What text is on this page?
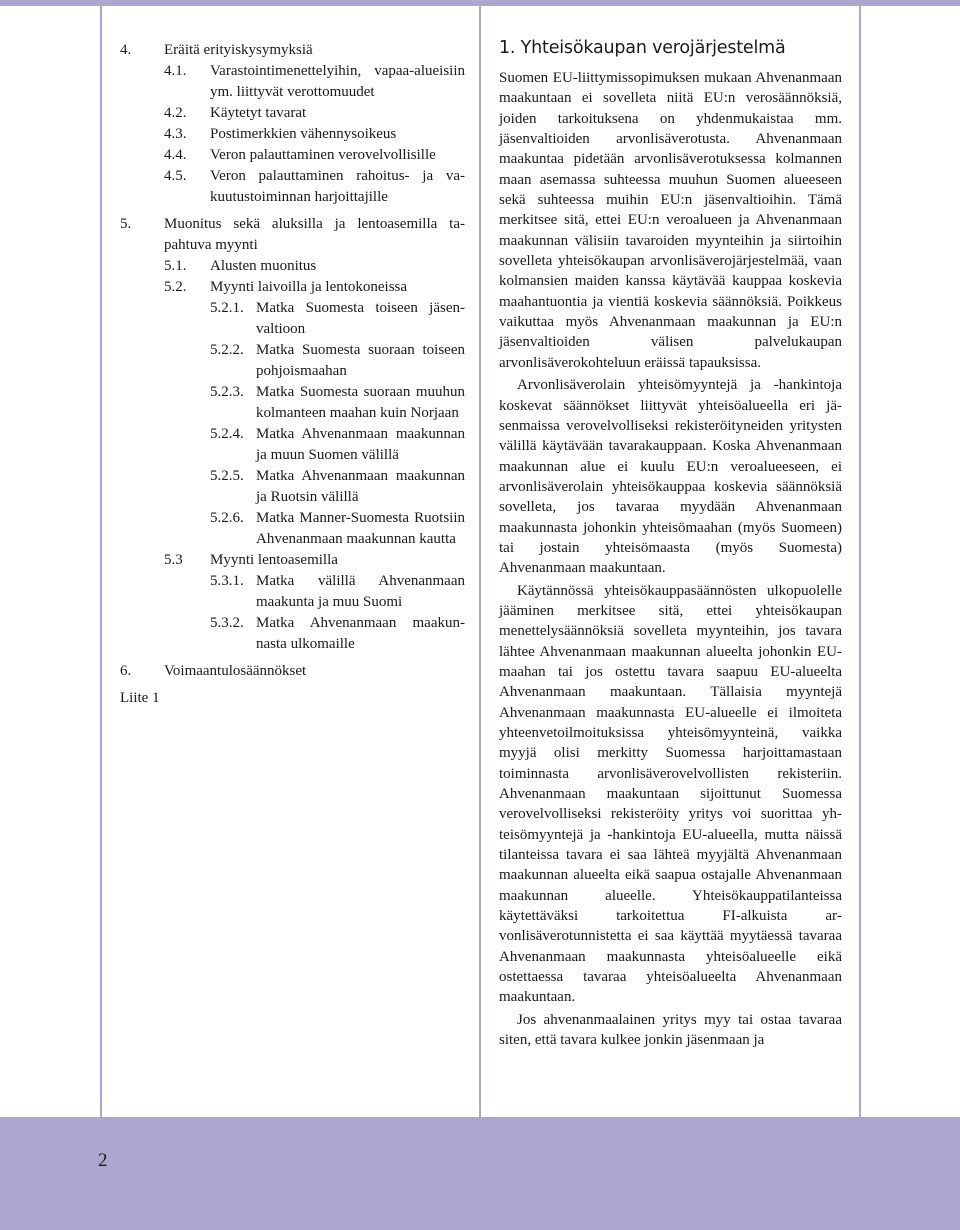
2
4. Eräitä erityiskysymyksiä
4.1. Varastointimenettelyihin, vapaa-alueisiin ym. liittyvät verottomuudet
4.2. Käytetyt tavarat
4.3. Postimerkkien vähennysoikeus
4.4. Veron palauttaminen verovelvollisille
4.5. Veron palauttaminen rahoitus- ja vakuutustoiminnan harjoittajille
5. Muonitus sekä aluksilla ja lentoasemilla tapahtuva myynti
5.1. Alusten muonitus
5.2. Myynti laivoilla ja lentokoneissa
5.2.1. Matka Suomesta toiseen jäsenvaltioon
5.2.2. Matka Suomesta suoraan toiseen pohjoismaahan
5.2.3. Matka Suomesta suoraan muuhun kolmanteen maahan kuin Norjaan
5.2.4. Matka Ahvenanmaan maakunnan ja muun Suomen välillä
5.2.5. Matka Ahvenanmaan maakunnan ja Ruotsin välillä
5.2.6. Matka Manner-Suomesta Ruotsiin Ahvenanmaan maakunnan kautta
5.3 Myynti lentoasemilla
5.3.1. Matka välillä Ahvenanmaan maakunta ja muu Suomi
5.3.2. Matka Ahvenanmaan maakunnasta ulkomaille
6. Voimaantulosäännökset
Liite 1
1. Yhteisökaupan verojärjestelmä

Suomen EU-liittymissopimuksen mukaan Ahvenanmaan maakuntaan ei sovelleta niitä EU:n verosäännöksiä, joiden tarkoituksena on yhdenmukaistaa mm. jäsenvaltioiden arvonlisäverotusta. Ahvenanmaan maakuntaa pidetään arvonlisäverotuksessa kolmannen maan asemassa suhteessa muuhun Suomen alueeseen sekä suhteessa muihin EU:n jäsenvaltioihin. Tämä merkitsee sitä, ettei EU:n veroalueen ja Ahvenanmaan maakunnan välisiin tavaroiden myynteihin ja siirtoihin sovelleta yhteisökaupan arvonlisäverojärjestelmää, vaan kolmansien maiden kanssa käytävää kauppaa koskevia maahantuontia ja vientiä koskevia säännöksiä. Poikkeus vaikuttaa myös Ahvenanmaan maakunnan ja EU:n jäsenvaltioiden välisen palvelukaupan arvonlisäverokohteluun eräissä tapauksissa.

Arvonlisäverolain yhteisömyyntejä ja -hankintoja koskevat säännökset liittyvät yhteisöalueella eri jäsenmaissa verovelvolliseksi rekisteröityneiden yritysten välillä käytävään tavarakauppaan. Koska Ahvenanmaan maakunnan alue ei kuulu EU:n veroalueeseen, ei arvonlisäverolain yhteisökauppaa koskevia säännöksiä sovelleta, jos tavaraa myydään Ahvenanmaan maakunnasta johonkin yhteisömaahan (myös Suomeen) tai jostain yhteisömaasta (myös Suomesta) Ahvenanmaan maakuntaan.

Käytännössä yhteisökauppasäännösten ulkopuolelle jääminen merkitsee sitä, ettei yhteisökaupan menettelysäännöksiä sovelleta myynteihin, jos tavara lähtee Ahvenanmaan maakunnan alueelta johonkin EU-maahan tai jos ostettu tavara saapuu EU-alueelta Ahvenanmaan maakuntaan. Tällaisia myyntejä Ahvenanmaan maakunnasta EU-alueelle ei ilmoiteta yhteenvetoilmoituksissa yhteisömyynteinä, vaikka myyjä olisi merkitty Suomessa harjoittamastaan toiminnasta arvonlisäverovelvollisten rekisteriin. Ahvenanmaan maakuntaan sijoittunut Suomessa verovelvolliseksi rekisteröity yritys voi suorittaa yhteisömyyntejä ja -hankintoja EU-alueella, mutta näissä tilanteissa tavara ei saa lähteä myyjältä Ahvenanmaan maakunnan alueelta eikä saapua ostajalle Ahvenanmaan maakunnan alueelle. Yhteisökauppatilanteissa käytettäväksi tarkoitettua FI-alkuista arvonlisäverotunnistetta ei saa käyttää myytäessä tavaraa Ahvenanmaan maakunnasta yhteisöalueelle eikä ostettaessa tavaraa yhteisöalueelta Ahvenanmaan maakuntaan.

Jos ahvenanmaalainen yritys myy tai ostaa tavaraa siten, että tavara kulkee jonkin jäsenmaan ja
